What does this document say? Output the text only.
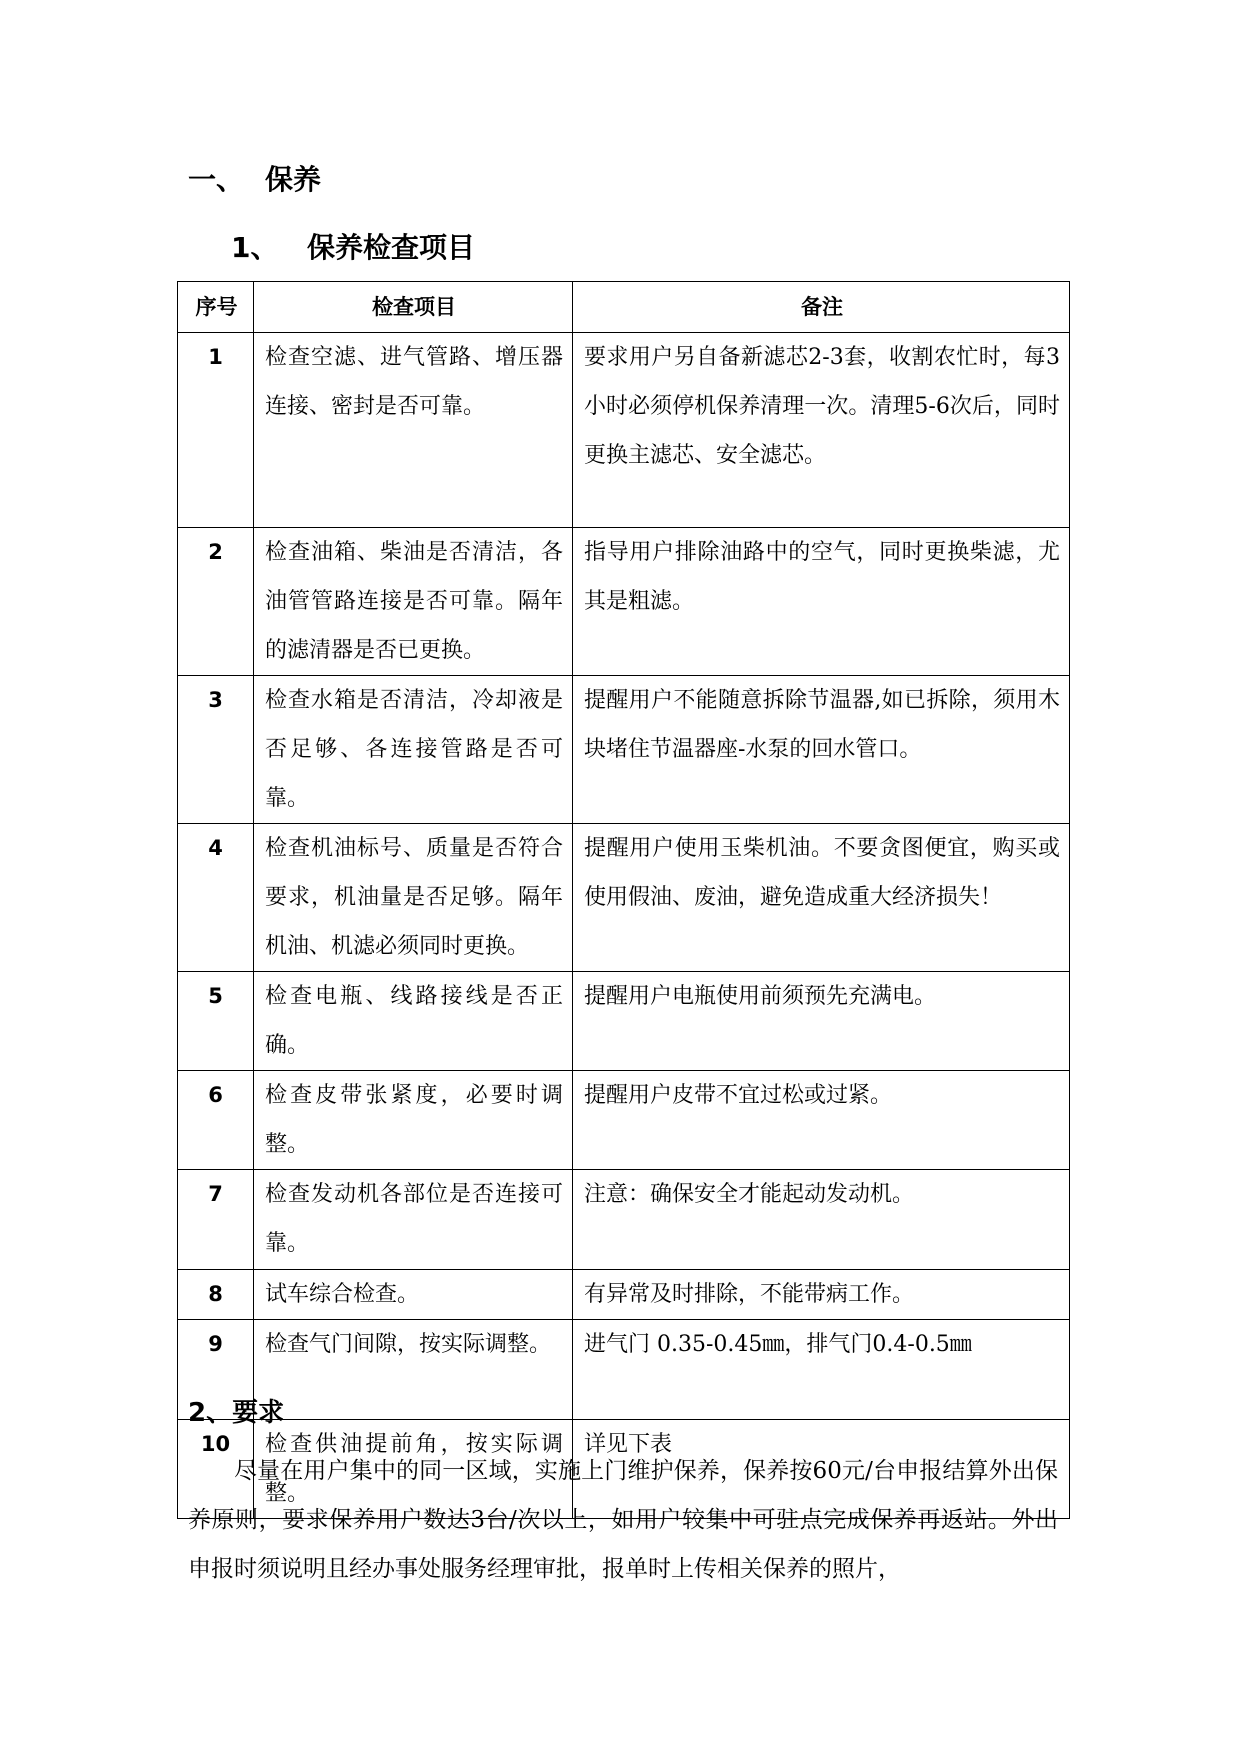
一、 保养
1、 保养检查项目
序号	检查项目	备注
1	检查空滤、进气管路、增压器连接、密封是否可靠。	要求用户另自备新滤芯2-3套，收割农忙时，每3小时必须停机保养清理一次。清理5-6次后，同时更换主滤芯、安全滤芯。
2	检查油箱、柴油是否清洁，各油管管路连接是否可靠。隔年的滤清器是否已更换。	指导用户排除油路中的空气，同时更换柴滤，尤其是粗滤。
3	检查水箱是否清洁，冷却液是否足够、各连接管路是否可靠。	提醒用户不能随意拆除节温器,如已拆除，须用木块堵住节温器座-水泵的回水管口。
4	检查机油标号、质量是否符合要求，机油量是否足够。隔年机油、机滤必须同时更换。	提醒用户使用玉柴机油。不要贪图便宜，购买或使用假油、废油，避免造成重大经济损失！
5	检查电瓶、线路接线是否正确。	提醒用户电瓶使用前须预先充满电。
6	检查皮带张紧度，必要时调整。	提醒用户皮带不宜过松或过紧。
7	检查发动机各部位是否连接可靠。	注意：确保安全才能起动发动机。
8	试车综合检查。	有异常及时排除，不能带病工作。
9	检查气门间隙，按实际调整。	进气门 0.35-0.45㎜，排气门0.4-0.5㎜
10	检查供油提前角，按实际调整。	详见下表
2、要求
尽量在用户集中的同一区域，实施上门维护保养，保养按60元/台申报结算外出保养原则，要求保养用户数达3台/次以上，如用户较集中可驻点完成保养再返站。外出申报时须说明且经办事处服务经理审批，报单时上传相关保养的照片，
